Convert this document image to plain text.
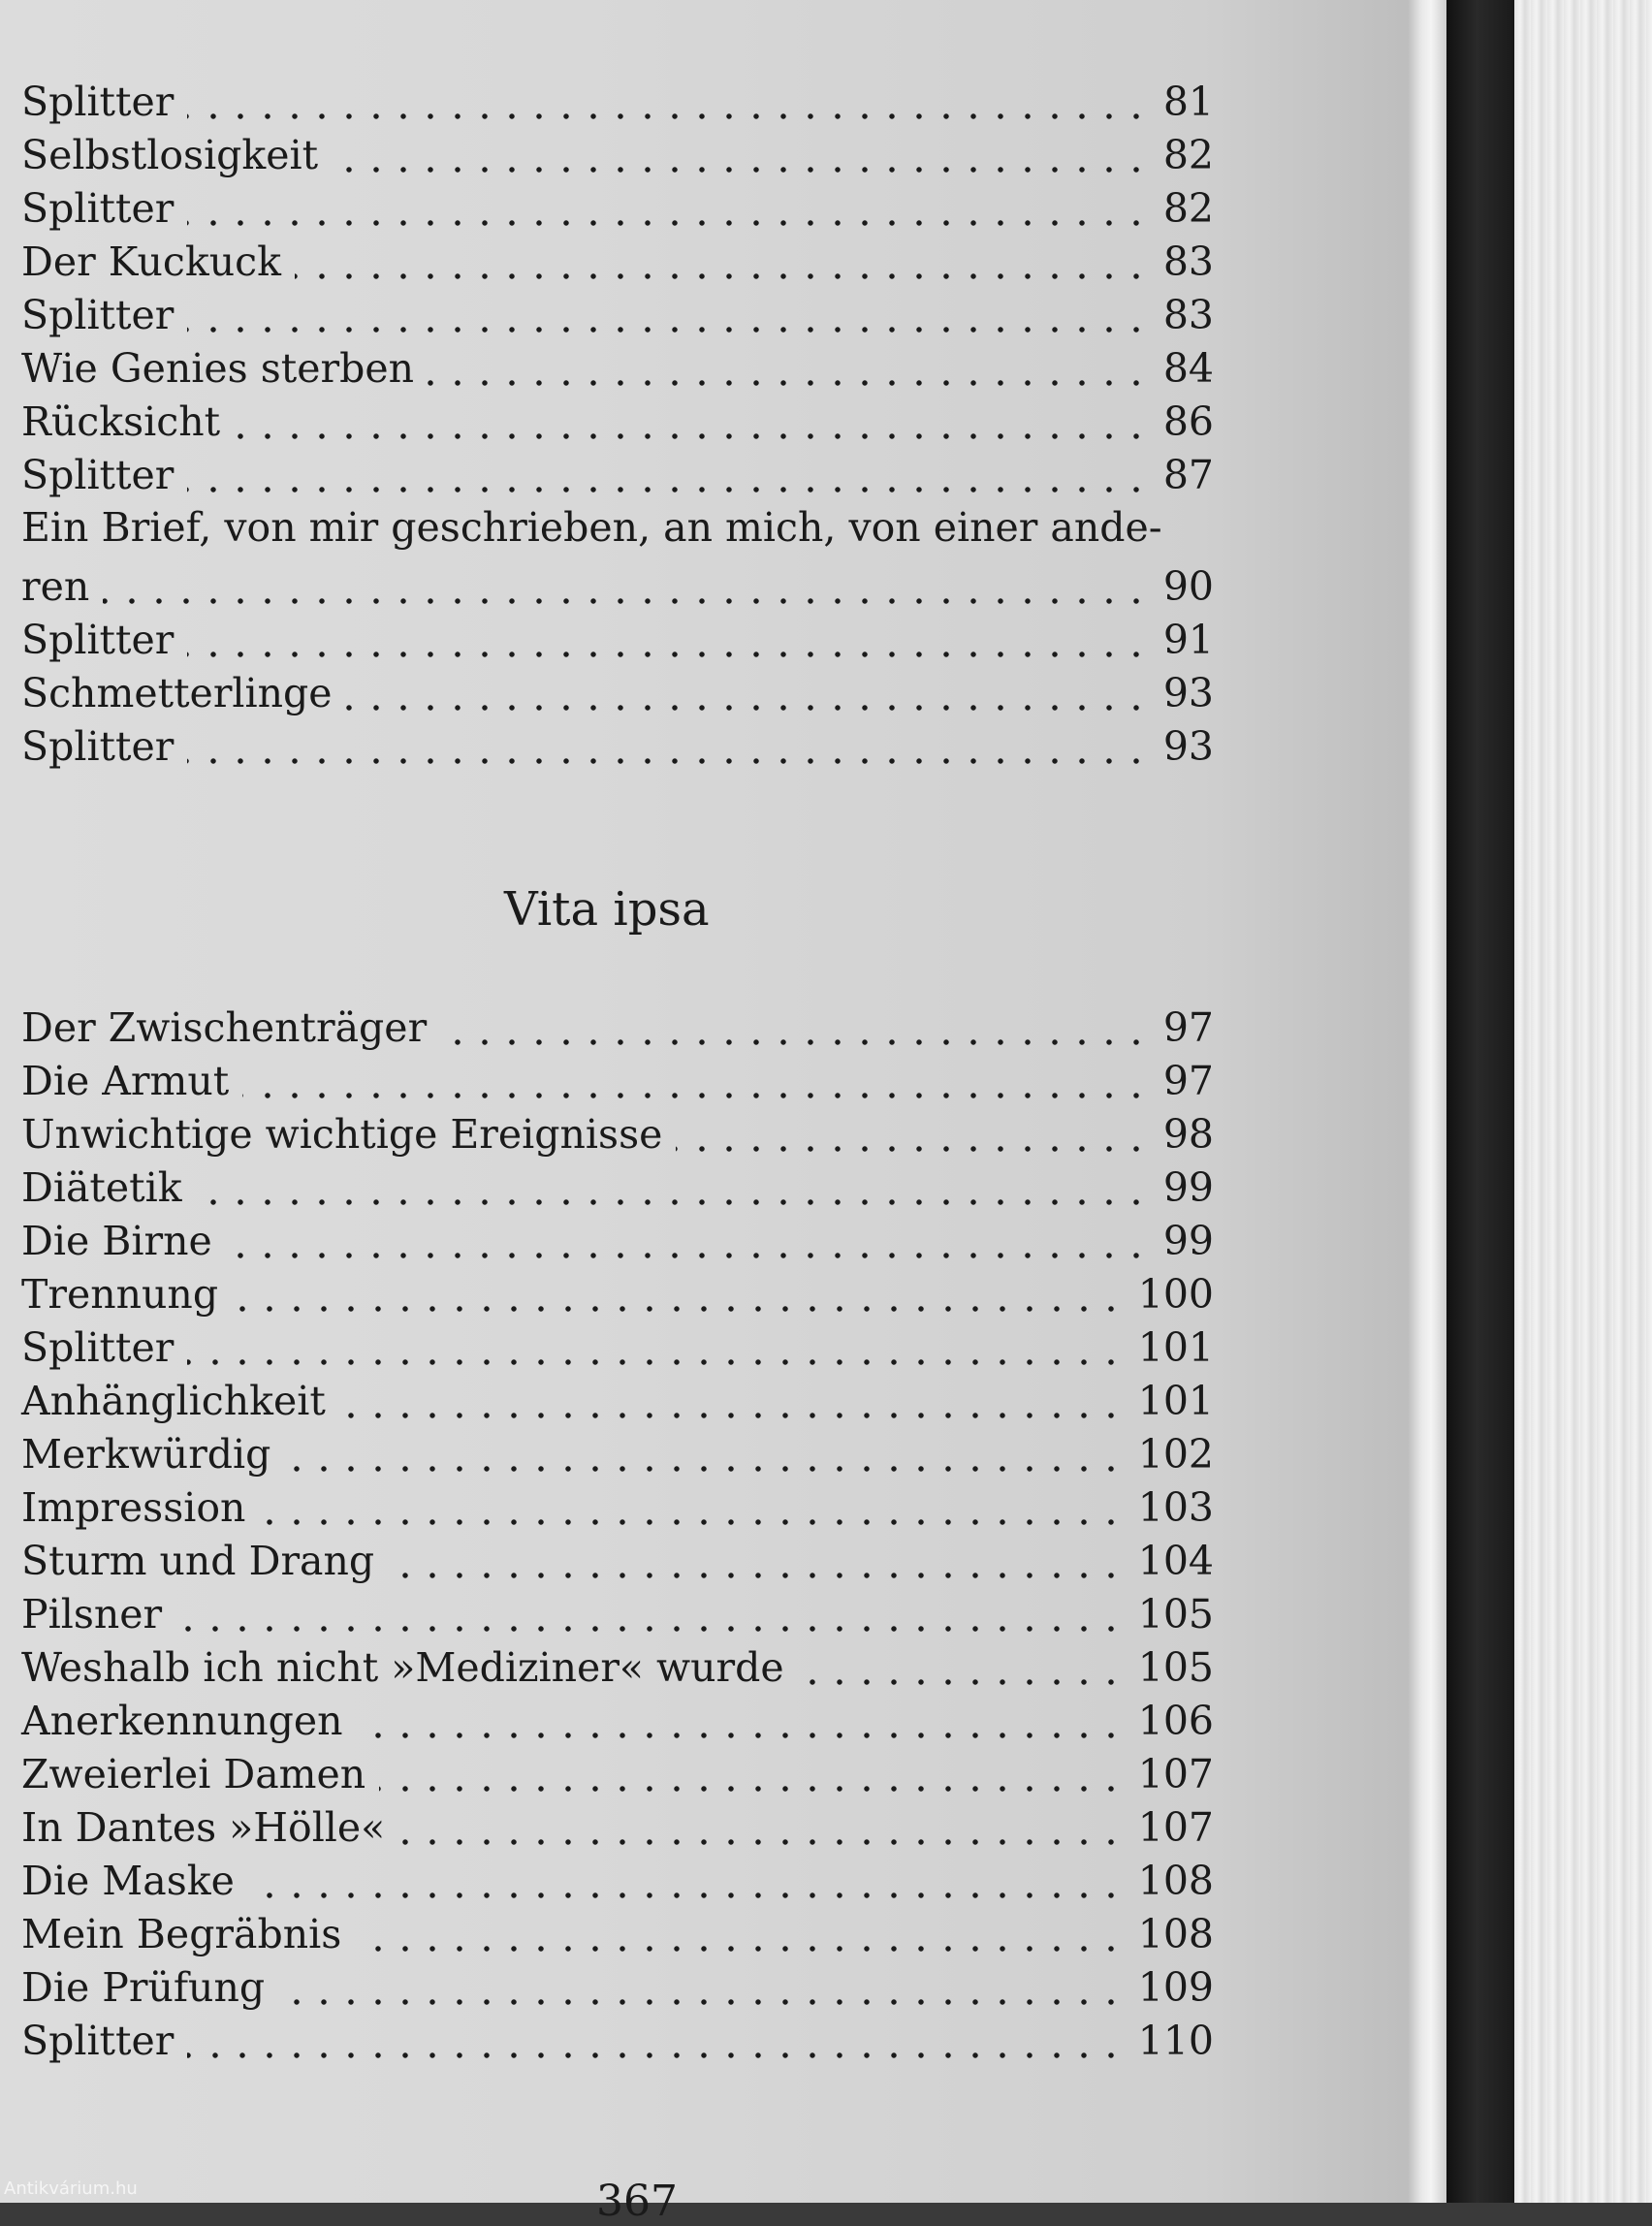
Splitter	81
Selbstlosigkeit	82
Splitter	82
Der Kuckuck	83
Splitter	83
Wie Genies sterben	84
Rücksicht	86
Splitter	87
Ein Brief, von mir geschrieben, an mich, von einer ande-
ren	90
Splitter	91
Schmetterlinge	93
Splitter	93
Vita ipsa
Der Zwischenträger	97
Die Armut	97
Unwichtige wichtige Ereignisse	98
Diätetik	99
Die Birne	99
Trennung	100
Splitter	101
Anhänglichkeit	101
Merkwürdig	102
Impression	103
Sturm und Drang	104
Pilsner	105
Weshalb ich nicht »Mediziner« wurde	105
Anerkennungen	106
Zweierlei Damen	107
In Dantes »Hölle«	107
Die Maske	108
Mein Begräbnis	108
Die Prüfung	109
Splitter	110
367
Antikvárium.hu
